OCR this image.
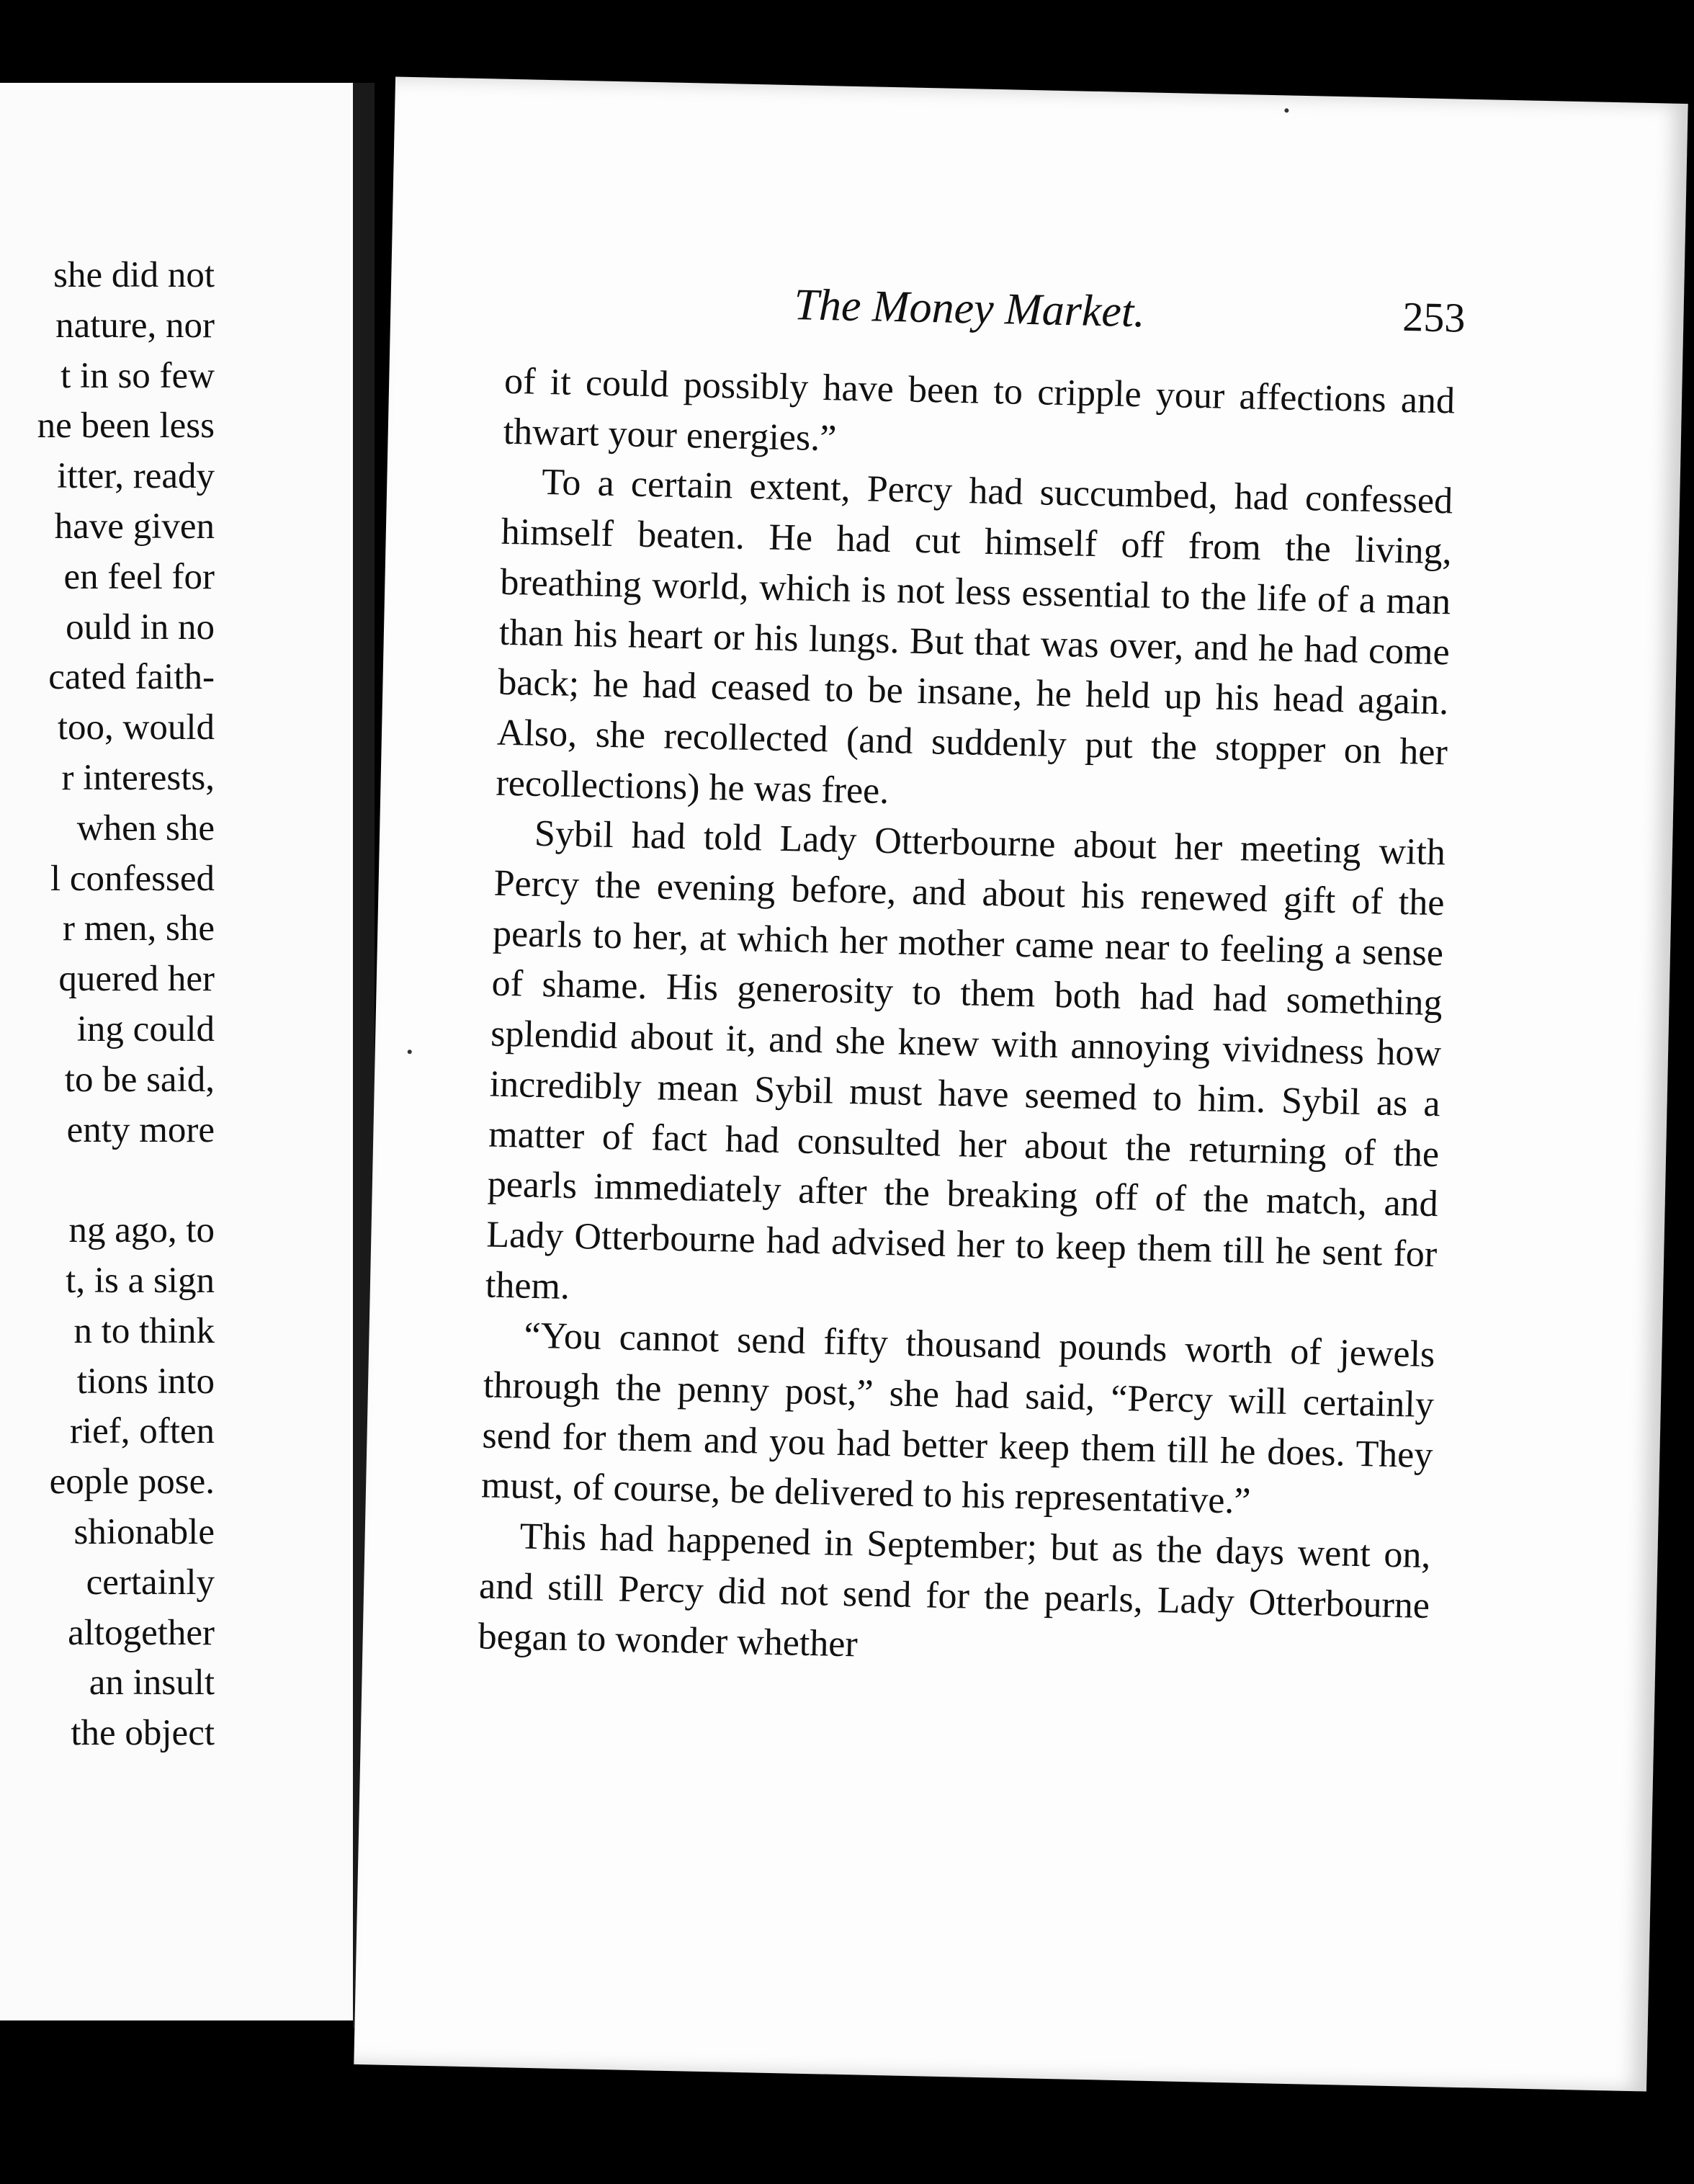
she did not
nature, nor
t in so few
ne been less
itter, ready
have given
en feel for
ould in no
cated faith-
too, would
r interests,
when she
l confessed
r men, she
quered her
ing could
to be said,
enty more
ng ago, to
t, is a sign
n to think
tions into
rief, often
eople pose.
shionable
certainly
altogether
an insult
the object
The Money Market.	253

of it could possibly have been to cripple your affections and thwart your energies.”

To a certain extent, Percy had succumbed, had confessed himself beaten. He had cut himself off from the living, breathing world, which is not less essential to the life of a man than his heart or his lungs. But that was over, and he had come back; he had ceased to be insane, he held up his head again. Also, she recollected (and suddenly put the stopper on her recollections) he was free.

Sybil had told Lady Otterbourne about her meeting with Percy the evening before, and about his renewed gift of the pearls to her, at which her mother came near to feeling a sense of shame. His generosity to them both had had something splendid about it, and she knew with annoying vividness how incredibly mean Sybil must have seemed to him. Sybil as a matter of fact had consulted her about the returning of the pearls immediately after the breaking off of the match, and Lady Otterbourne had advised her to keep them till he sent for them.

“You cannot send fifty thousand pounds worth of jewels through the penny post,” she had said, “Percy will certainly send for them and you had better keep them till he does. They must, of course, be delivered to his representative.”

This had happened in September; but as the days went on, and still Percy did not send for the pearls, Lady Otterbourne began to wonder whether
